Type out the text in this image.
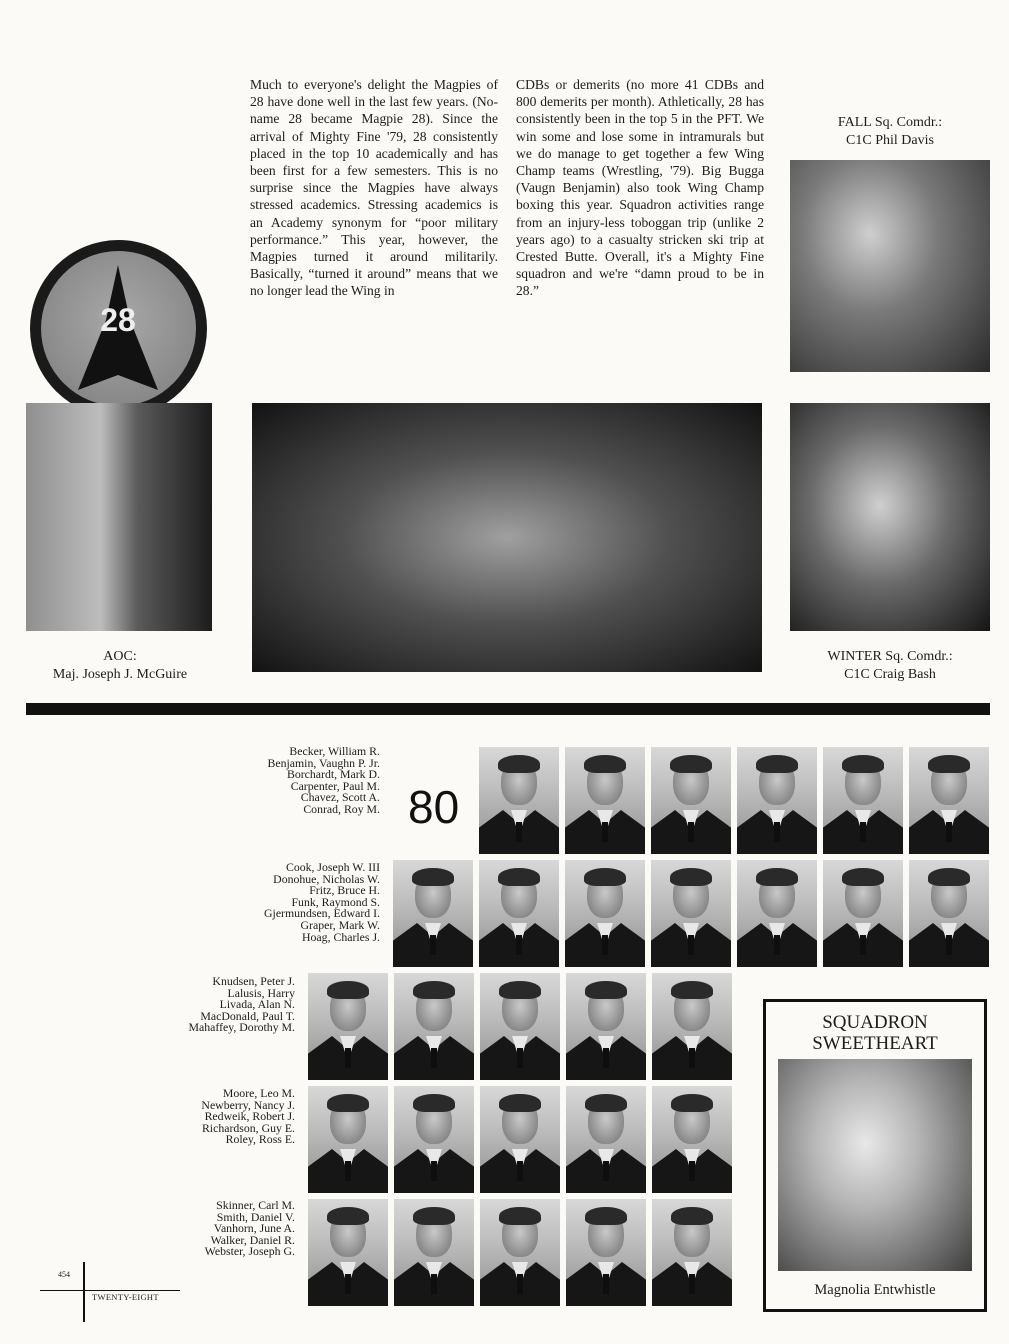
28
Much to everyone's delight the Magpies of 28 have done well in the last few years. (No-name 28 became Magpie 28). Since the arrival of Mighty Fine '79, 28 consistently placed in the top 10 academically and has been first for a few semesters. This is no surprise since the Magpies have always stressed academics. Stressing academics is an Academy synonym for “poor military performance.” This year, however, the Magpies turned it around militarily. Basically, “turned it around” means that we no longer lead the Wing in
CDBs or demerits (no more 41 CDBs and 800 demerits per month). Athletically, 28 has consistently been in the top 5 in the PFT. We win some and lose some in intramurals but we do manage to get together a few Wing Champ teams (Wrestling, '79). Big Bugga (Vaugn Benjamin) also took Wing Champ boxing this year. Squadron activities range from an injury-less toboggan trip (unlike 2 years ago) to a casualty stricken ski trip at Crested Butte. Overall, it's a Mighty Fine squadron and we're “damn proud to be in 28.”
FALL Sq. Comdr.:
C1C Phil Davis
AOC:
Maj. Joseph J. McGuire
WINTER Sq. Comdr.:
C1C Craig Bash
Becker, William R.
Benjamin, Vaughn P. Jr.
Borchardt, Mark D.
Carpenter, Paul M.
Chavez, Scott A.
Conrad, Roy M. 80
Cook, Joseph W. III
Donohue, Nicholas W.
Fritz, Bruce H.
Funk, Raymond S.
Gjermundsen, Edward I.
Graper, Mark W.
Hoag, Charles J.
Knudsen, Peter J.
Lalusis, Harry
Livada, Alan N.
MacDonald, Paul T.
Mahaffey, Dorothy M.
Moore, Leo M.
Newberry, Nancy J.
Redweik, Robert J.
Richardson, Guy E.
Roley, Ross E.
Skinner, Carl M.
Smith, Daniel V.
Vanhorn, June A.
Walker, Daniel R.
Webster, Joseph G.
SQUADRON
SWEETHEART
Magnolia Entwhistle
454
TWENTY-EIGHT
